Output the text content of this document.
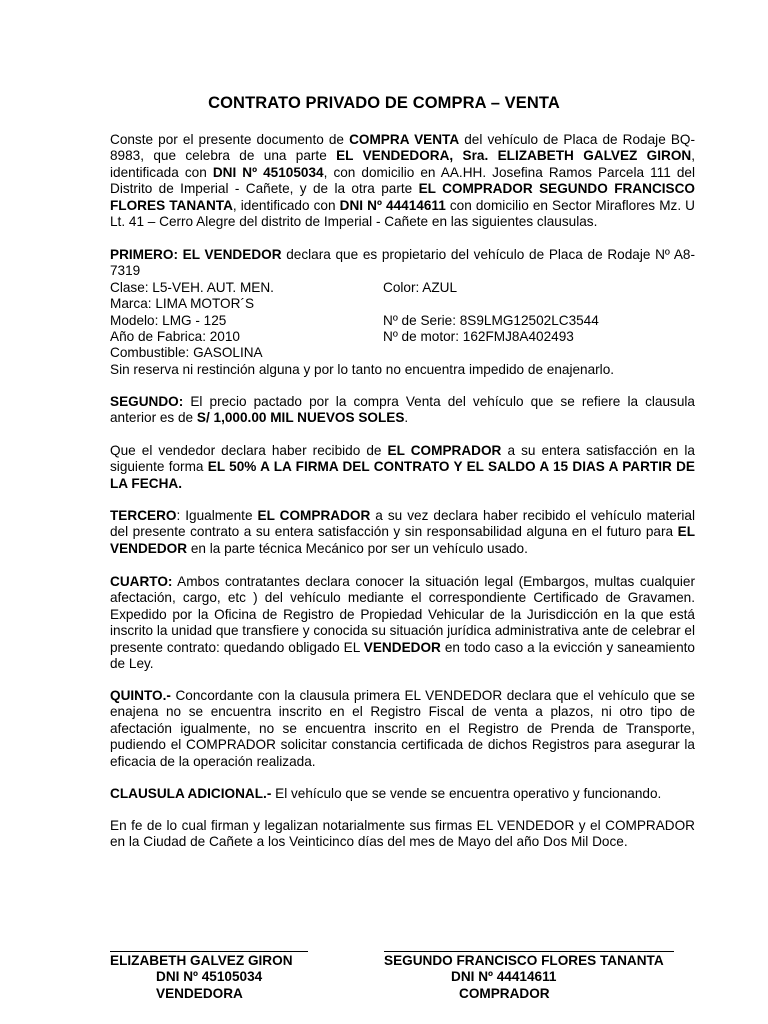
CONTRATO PRIVADO DE COMPRA – VENTA

Conste por el presente documento de COMPRA VENTA del vehículo de Placa de Rodaje BQ-8983, que celebra de una parte EL VENDEDORA, Sra. ELIZABETH GALVEZ GIRON, identificada con DNI Nº 45105034, con domicilio en AA.HH. Josefina Ramos Parcela 111 del Distrito de Imperial - Cañete, y de la otra parte EL COMPRADOR SEGUNDO FRANCISCO FLORES TANANTA, identificado con DNI Nº 44414611 con domicilio en Sector Miraflores Mz. U Lt. 41 – Cerro Alegre del distrito de Imperial - Cañete en las siguientes clausulas.

PRIMERO: EL VENDEDOR declara que es propietario del vehículo de Placa de Rodaje Nº A8-7319

Clase: L5-VEH. AUT. MEN.	Color: AZUL
Marca: LIMA MOTOR´S
Modelo: LMG - 125	Nº de Serie: 8S9LMG12502LC3544
Año de Fabrica: 2010	Nº de motor: 162FMJ8A402493
Combustible: GASOLINA
Sin reserva ni restinción alguna y por lo tanto no encuentra impedido de enajenarlo.

SEGUNDO: El precio pactado por la compra Venta del vehículo que se refiere la clausula anterior es de S/ 1,000.00 MIL NUEVOS SOLES.

Que el vendedor declara haber recibido de EL COMPRADOR a su entera satisfacción en la siguiente forma EL 50% A LA FIRMA DEL CONTRATO Y EL SALDO A 15 DIAS A PARTIR DE LA FECHA.

TERCERO: Igualmente EL COMPRADOR a su vez declara haber recibido el vehículo material del presente contrato a su entera satisfacción y sin responsabilidad alguna en el futuro para EL VENDEDOR en la parte técnica Mecánico por ser un vehículo usado.

CUARTO: Ambos contratantes declara conocer la situación legal (Embargos, multas cualquier afectación, cargo, etc ) del vehículo mediante el correspondiente Certificado de Gravamen. Expedido por la Oficina de Registro de Propiedad Vehicular de la Jurisdicción en la que está inscrito la unidad que transfiere y conocida su situación jurídica administrativa ante de celebrar el presente contrato: quedando obligado EL VENDEDOR en todo caso a la evicción y saneamiento de Ley.

QUINTO.- Concordante con la clausula primera EL VENDEDOR declara que el vehículo que se enajena no se encuentra inscrito en el Registro Fiscal de venta a plazos, ni otro tipo de afectación igualmente, no se encuentra inscrito en el Registro de Prenda de Transporte, pudiendo el COMPRADOR solicitar constancia certificada de dichos Registros para asegurar la eficacia de la operación realizada.

CLAUSULA ADICIONAL.- El vehículo que se vende se encuentra operativo y funcionando.

En fe de lo cual firman y legalizan notarialmente sus firmas EL VENDEDOR y el COMPRADOR en la Ciudad de Cañete a los Veinticinco días del mes de Mayo del año Dos Mil Doce.

ELIZABETH GALVEZ GIRON
DNI Nº 45105034
VENDEDORA
SEGUNDO FRANCISCO FLORES TANANTA
DNI Nº 44414611
COMPRADOR
